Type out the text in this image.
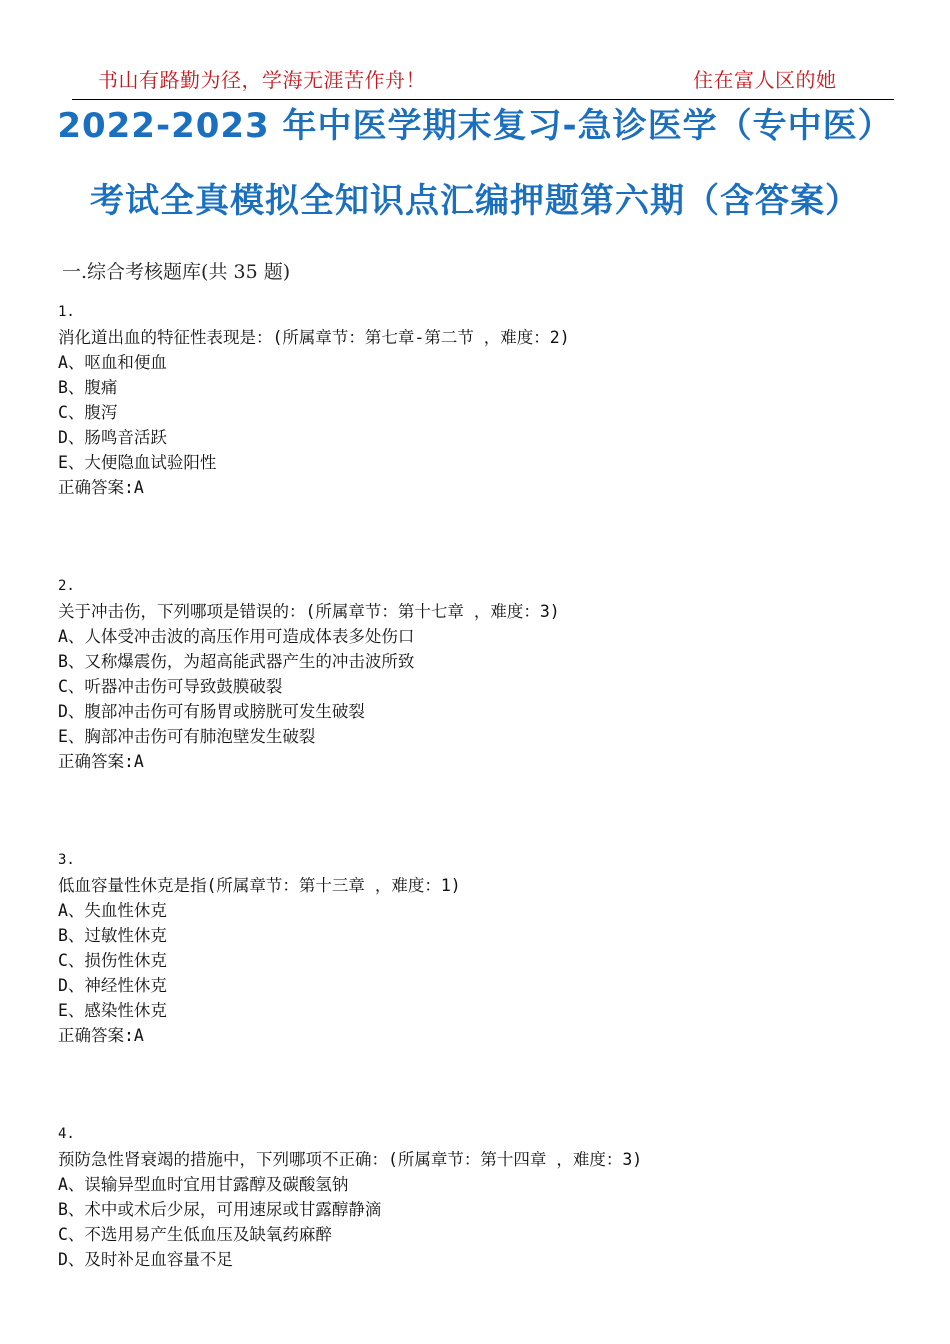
书山有路勤为径，学海无涯苦作舟！	住在富人区的她
2022-2023 年中医学期末复习-急诊医学（专中医）
考试全真模拟全知识点汇编押题第六期（含答案）
一.综合考核题库(共 35 题)
1.
消化道出血的特征性表现是：(所属章节：第七章-第二节 ，难度：2)
A、呕血和便血
B、腹痛
C、腹泻
D、肠鸣音活跃
E、大便隐血试验阳性
正确答案:A
2.
关于冲击伤，下列哪项是错误的：(所属章节：第十七章 ，难度：3)
A、人体受冲击波的高压作用可造成体表多处伤口
B、又称爆震伤，为超高能武器产生的冲击波所致
C、听器冲击伤可导致鼓膜破裂
D、腹部冲击伤可有肠胃或膀胱可发生破裂
E、胸部冲击伤可有肺泡壁发生破裂
正确答案:A
3.
低血容量性休克是指(所属章节：第十三章 ，难度：1)
A、失血性休克
B、过敏性休克
C、损伤性休克
D、神经性休克
E、感染性休克
正确答案:A
4.
预防急性肾衰竭的措施中，下列哪项不正确：(所属章节：第十四章 ，难度：3)
A、误输异型血时宜用甘露醇及碳酸氢钠
B、术中或术后少尿，可用速尿或甘露醇静滴
C、不选用易产生低血压及缺氧药麻醉
D、及时补足血容量不足
